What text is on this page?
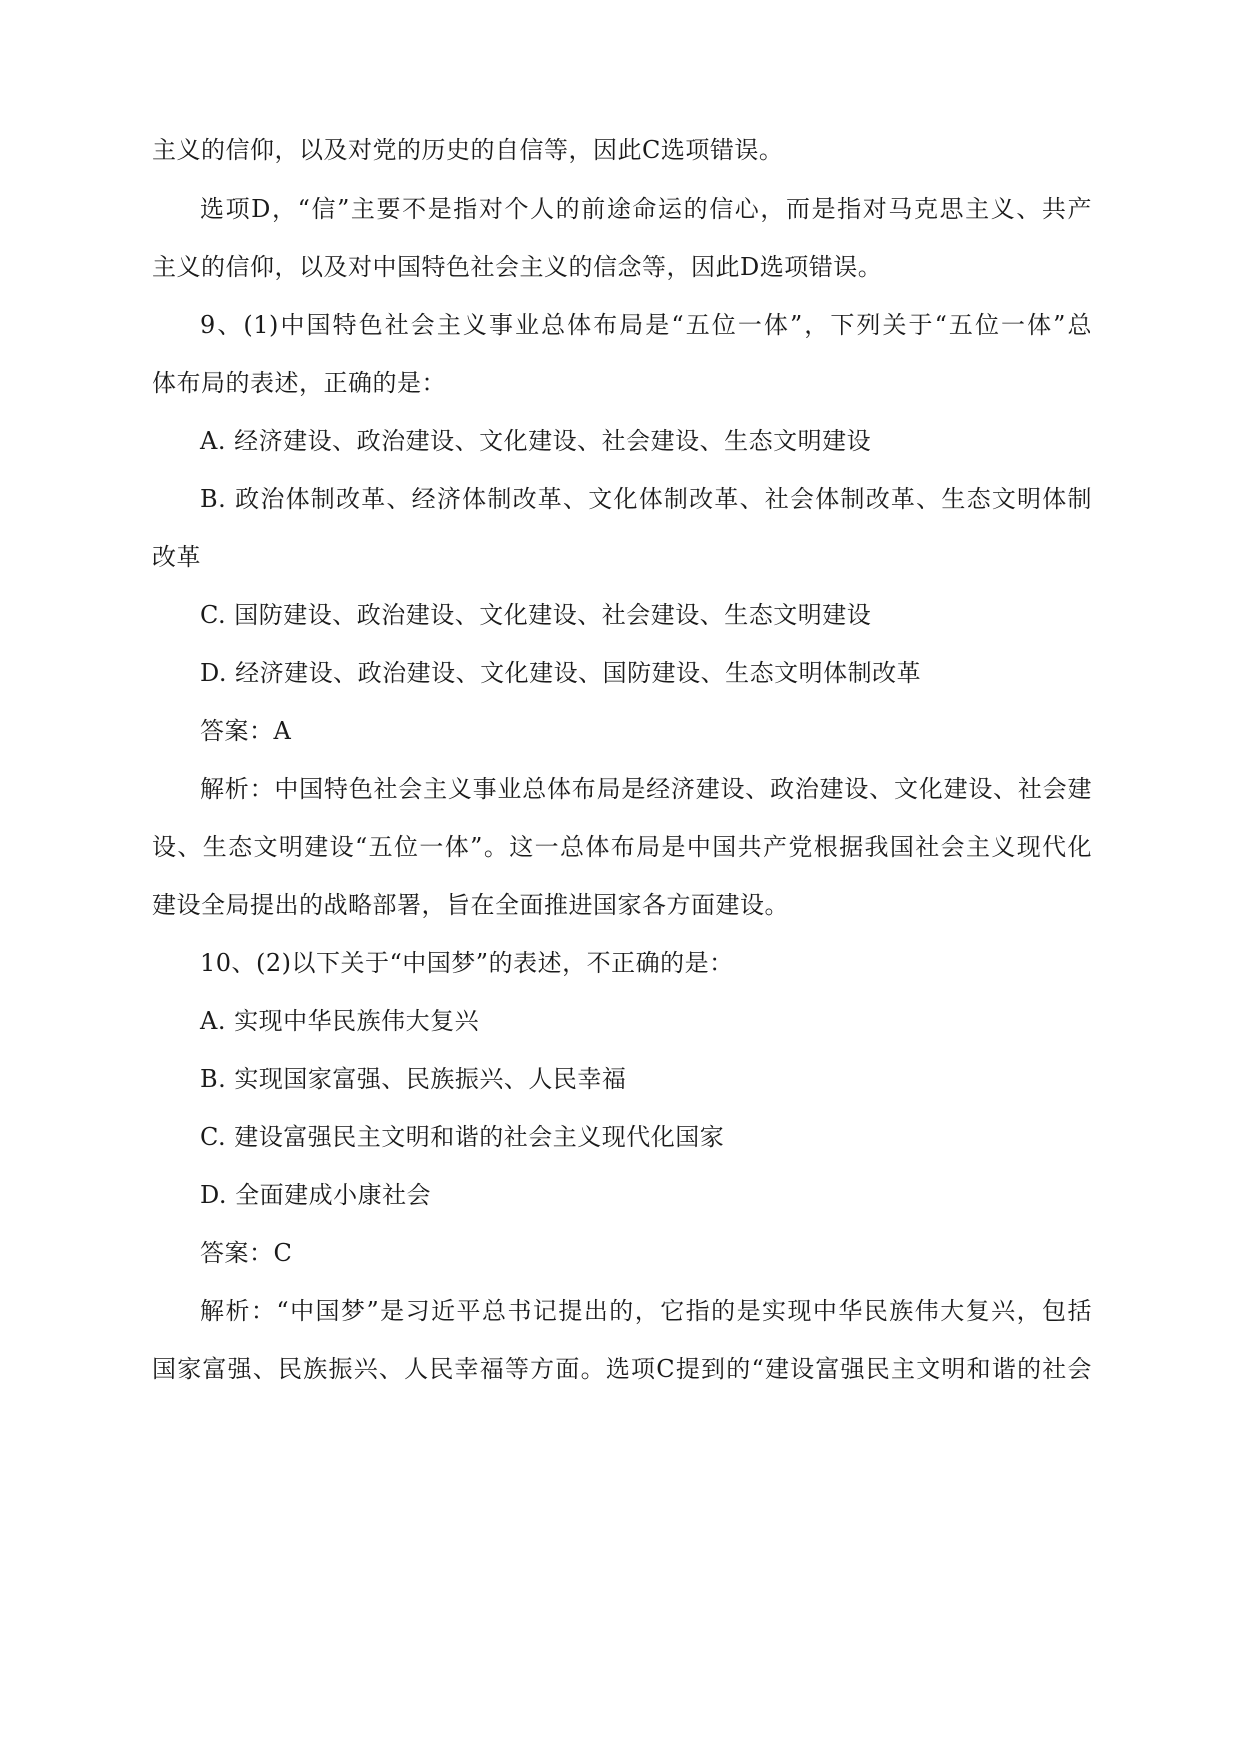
主义的信仰，以及对党的历史的自信等，因此C选项错误。
选项D，“信”主要不是指对个人的前途命运的信心，而是指对马克思主义、共产
主义的信仰，以及对中国特色社会主义的信念等，因此D选项错误。
9、(1)中国特色社会主义事业总体布局是“五位一体”，下列关于“五位一体”总
体布局的表述，正确的是：
A. 经济建设、政治建设、文化建设、社会建设、生态文明建设
B. 政治体制改革、经济体制改革、文化体制改革、社会体制改革、生态文明体制
改革
C. 国防建设、政治建设、文化建设、社会建设、生态文明建设
D. 经济建设、政治建设、文化建设、国防建设、生态文明体制改革
答案：A
解析：中国特色社会主义事业总体布局是经济建设、政治建设、文化建设、社会建
设、生态文明建设“五位一体”。这一总体布局是中国共产党根据我国社会主义现代化
建设全局提出的战略部署，旨在全面推进国家各方面建设。
10、(2)以下关于“中国梦”的表述，不正确的是：
A. 实现中华民族伟大复兴
B. 实现国家富强、民族振兴、人民幸福
C. 建设富强民主文明和谐的社会主义现代化国家
D. 全面建成小康社会
答案：C
解析：“中国梦”是习近平总书记提出的，它指的是实现中华民族伟大复兴，包括
国家富强、民族振兴、人民幸福等方面。选项C提到的“建设富强民主文明和谐的社会
